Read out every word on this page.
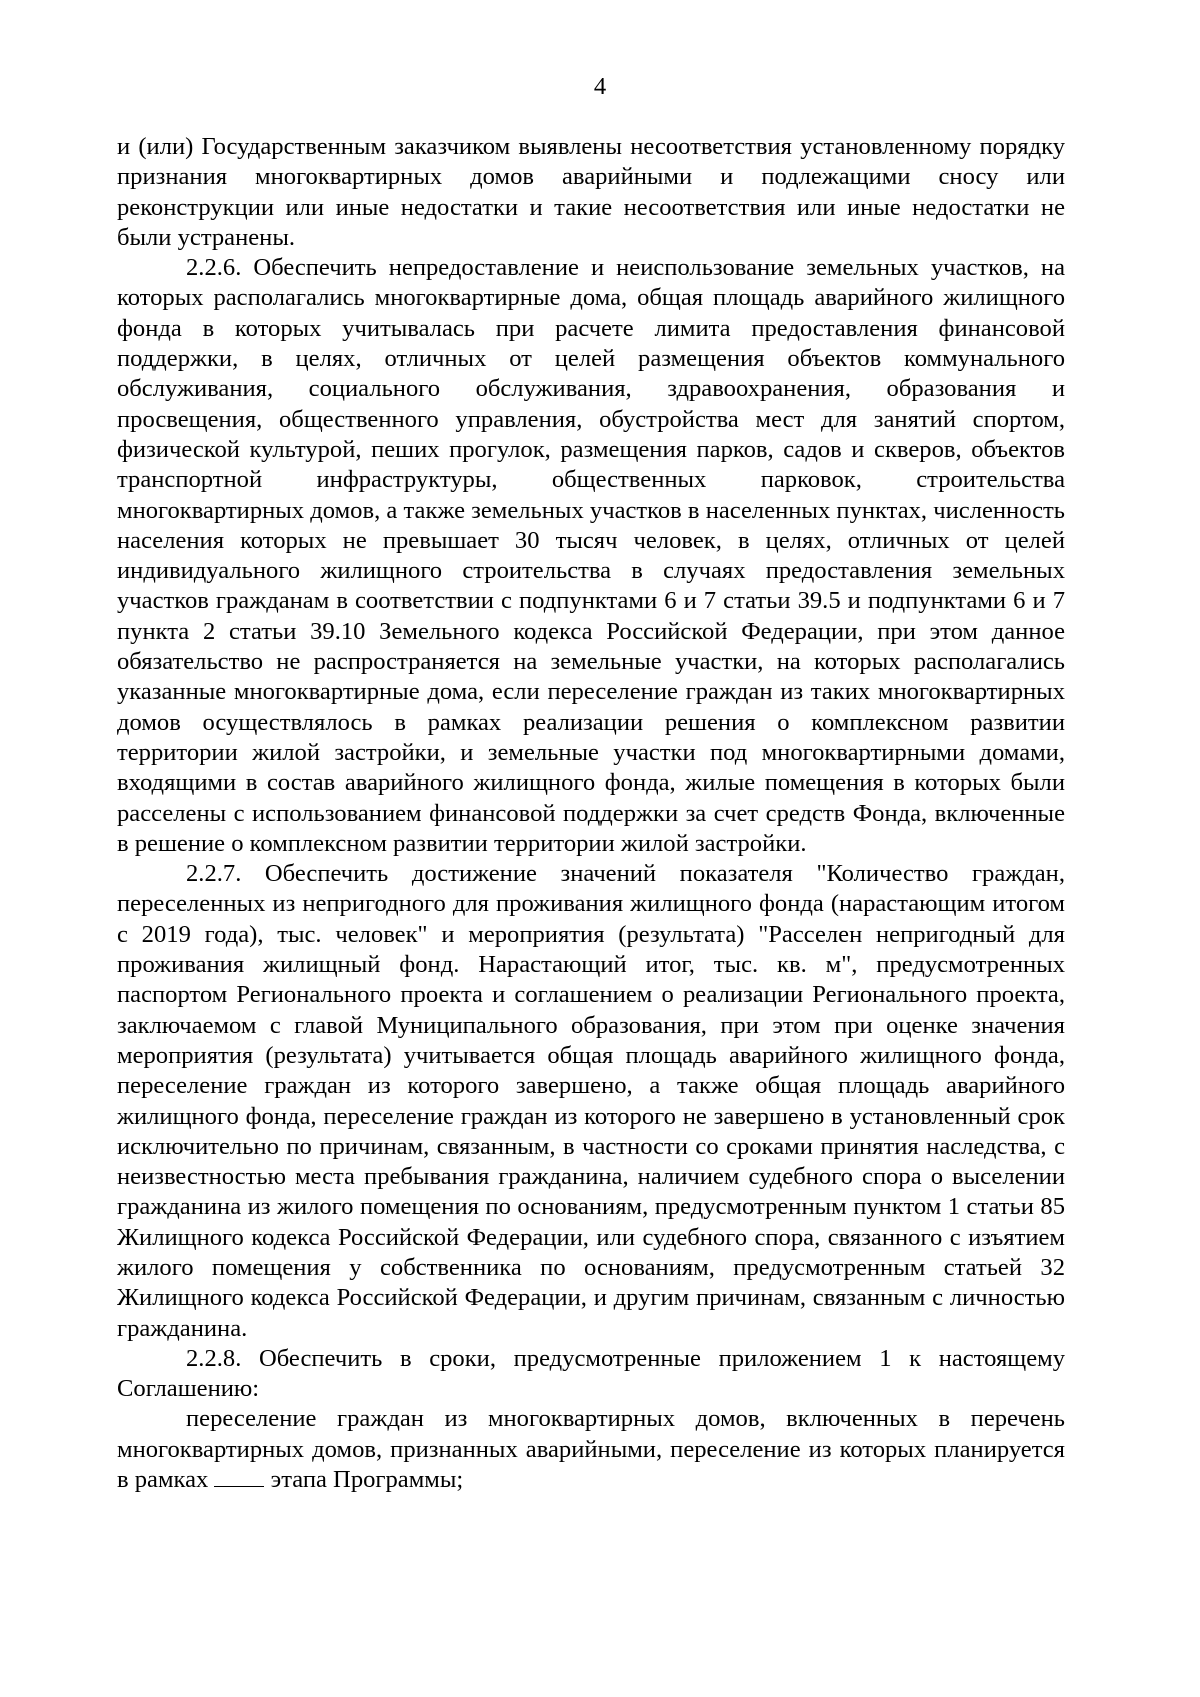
4

и (или) Государственным заказчиком выявлены несоответствия установленному порядку признания многоквартирных домов аварийными и подлежащими сносу или реконструкции или иные недостатки и такие несоответствия или иные недостатки не были устранены.

2.2.6. Обеспечить непредоставление и неиспользование земельных участков, на которых располагались многоквартирные дома, общая площадь аварийного жилищного фонда в которых учитывалась при расчете лимита предоставления финансовой поддержки, в целях, отличных от целей размещения объектов коммунального обслуживания, социального обслуживания, здравоохранения, образования и просвещения, общественного управления, обустройства мест для занятий спортом, физической культурой, пеших прогулок, размещения парков, садов и скверов, объектов транспортной инфраструктуры, общественных парковок, строительства многоквартирных домов, а также земельных участков в населенных пунктах, численность населения которых не превышает 30 тысяч человек, в целях, отличных от целей индивидуального жилищного строительства в случаях предоставления земельных участков гражданам в соответствии с подпунктами 6 и 7 статьи 39.5 и подпунктами 6 и 7 пункта 2 статьи 39.10 Земельного кодекса Российской Федерации, при этом данное обязательство не распространяется на земельные участки, на которых располагались указанные многоквартирные дома, если переселение граждан из таких многоквартирных домов осуществлялось в рамках реализации решения о комплексном развитии территории жилой застройки, и земельные участки под многоквартирными домами, входящими в состав аварийного жилищного фонда, жилые помещения в которых были расселены с использованием финансовой поддержки за счет средств Фонда, включенные в решение о комплексном развитии территории жилой застройки.

2.2.7. Обеспечить достижение значений показателя "Количество граждан, переселенных из непригодного для проживания жилищного фонда (нарастающим итогом с 2019 года), тыс. человек" и мероприятия (результата) "Расселен непригодный для проживания жилищный фонд. Нарастающий итог, тыс. кв. м", предусмотренных паспортом Регионального проекта и соглашением о реализации Регионального проекта, заключаемом с главой Муниципального образования, при этом при оценке значения мероприятия (результата) учитывается общая площадь аварийного жилищного фонда, переселение граждан из которого завершено, а также общая площадь аварийного жилищного фонда, переселение граждан из которого не завершено в установленный срок исключительно по причинам, связанным, в частности со сроками принятия наследства, с неизвестностью места пребывания гражданина, наличием судебного спора о выселении гражданина из жилого помещения по основаниям, предусмотренным пунктом 1 статьи 85 Жилищного кодекса Российской Федерации, или судебного спора, связанного с изъятием жилого помещения у собственника по основаниям, предусмотренным статьей 32 Жилищного кодекса Российской Федерации, и другим причинам, связанным с личностью гражданина.

2.2.8. Обеспечить в сроки, предусмотренные приложением 1 к настоящему Соглашению:

переселение граждан из многоквартирных домов, включенных в перечень многоквартирных домов, признанных аварийными, переселение из которых планируется в рамках	этапа Программы;
